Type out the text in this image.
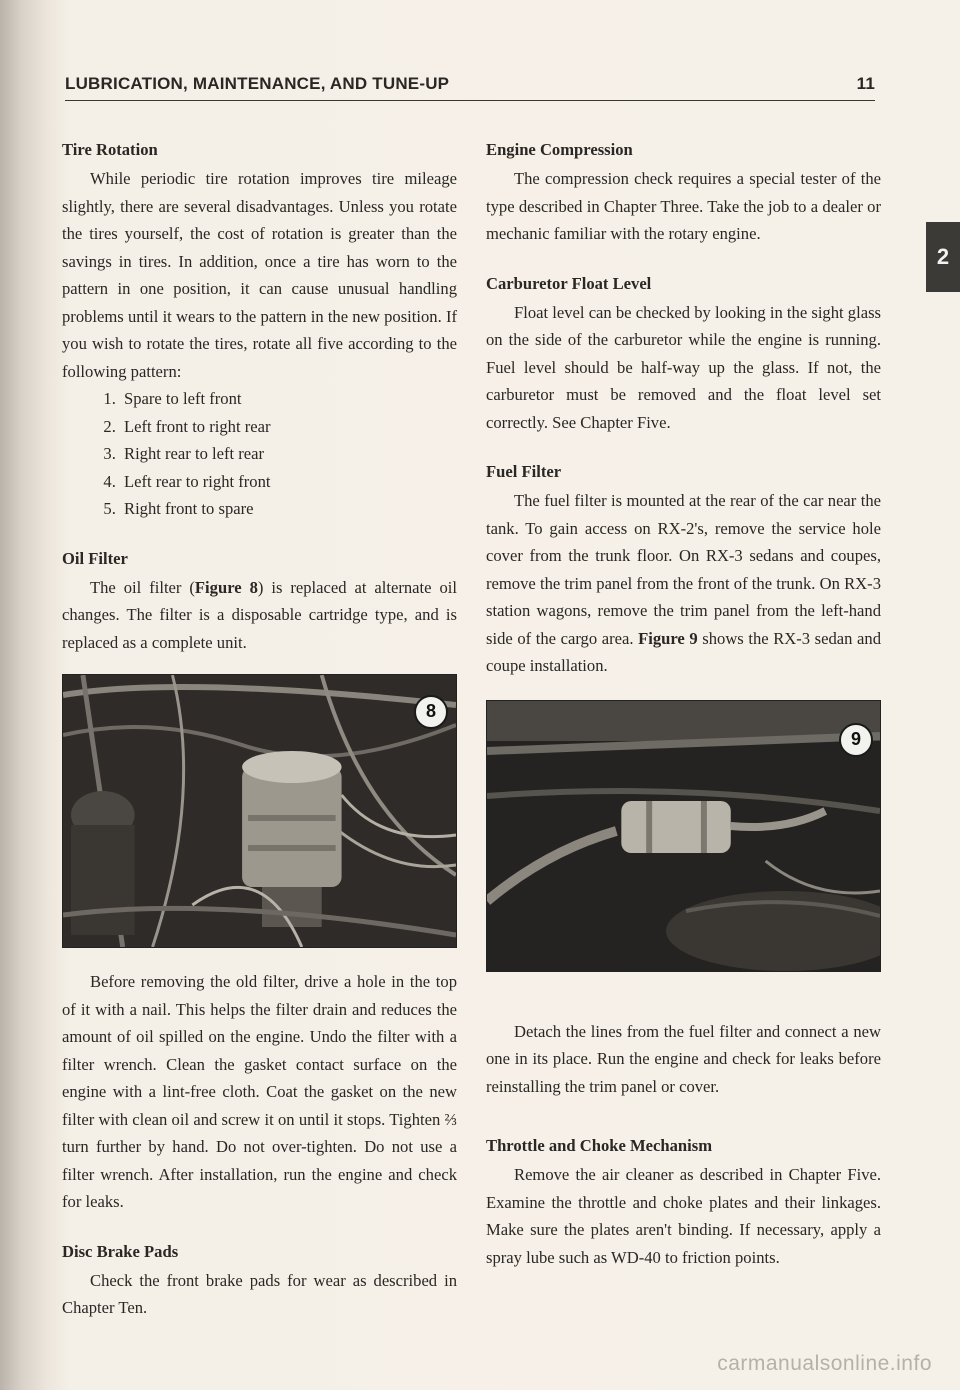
LUBRICATION, MAINTENANCE, AND TUNE-UP	11
2
Tire Rotation

While periodic tire rotation improves tire mileage slightly, there are several disadvantages. Unless you rotate the tires yourself, the cost of rotation is greater than the savings in tires. In addition, once a tire has worn to the pattern in one position, it can cause unusual handling problems until it wears to the pattern in the new position. If you wish to rotate the tires, rotate all five according to the following pattern:

1. Spare to left front
2. Left front to right rear
3. Right rear to left rear
4. Left rear to right front
5. Right front to spare
Oil Filter

The oil filter (Figure 8) is replaced at alternate oil changes. The filter is a disposable cartridge type, and is replaced as a complete unit.

8

Before removing the old filter, drive a hole in the top of it with a nail. This helps the filter drain and reduces the amount of oil spilled on the engine. Undo the filter with a filter wrench. Clean the gasket contact surface on the engine with a lint-free cloth. Coat the gasket on the new filter with clean oil and screw it on until it stops. Tighten ⅔ turn further by hand. Do not over-tighten. Do not use a filter wrench. After installation, run the engine and check for leaks.

Disc Brake Pads

Check the front brake pads for wear as described in Chapter Ten.

Engine Compression

The compression check requires a special tester of the type described in Chapter Three. Take the job to a dealer or mechanic familiar with the rotary engine.

Carburetor Float Level

Float level can be checked by looking in the sight glass on the side of the carburetor while the engine is running. Fuel level should be half-way up the glass. If not, the carburetor must be removed and the float level set correctly. See Chapter Five.

Fuel Filter

The fuel filter is mounted at the rear of the car near the tank. To gain access on RX-2's, remove the service hole cover from the trunk floor. On RX-3 sedans and coupes, remove the trim panel from the front of the trunk. On RX-3 station wagons, remove the trim panel from the left-hand side of the cargo area. Figure 9 shows the RX-3 sedan and coupe installation.

9

Detach the lines from the fuel filter and connect a new one in its place. Run the engine and check for leaks before reinstalling the trim panel or cover.

Throttle and Choke Mechanism

Remove the air cleaner as described in Chapter Five. Examine the throttle and choke plates and their linkages. Make sure the plates aren't binding. If necessary, apply a spray lube such as WD-40 to friction points.

carmanualsonline.info
